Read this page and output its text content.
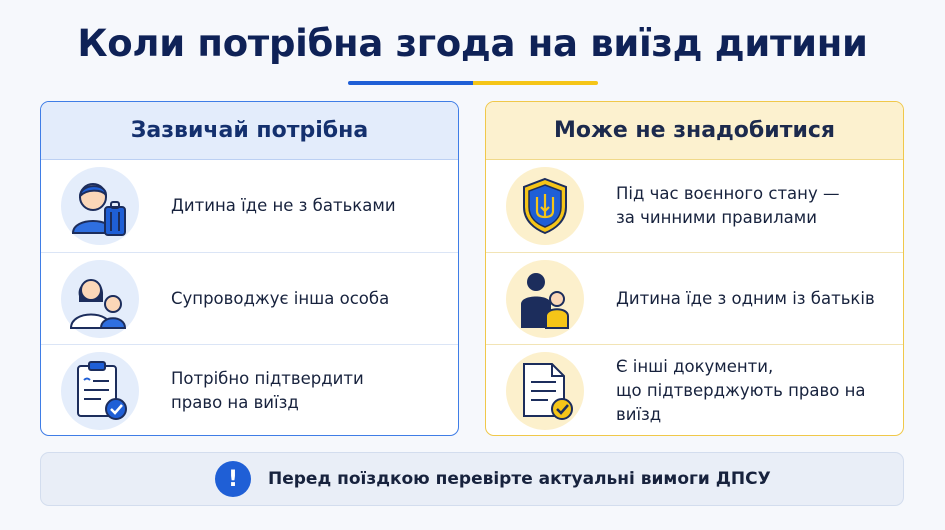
Коли потрібна згода на виїзд дитини
Зазвичай потрібна
Дитина їде не з батьками
Супроводжує інша особа
Потрібно підтвердити
право на виїзд
Може не знадобитися
Під час воєнного стану —
за чинними правилами
Дитина їде з одним із батьків
Є інші документи,
що підтверджують право на виїзд
!	Перед поїздкою перевірте актуальні вимоги ДПСУ
